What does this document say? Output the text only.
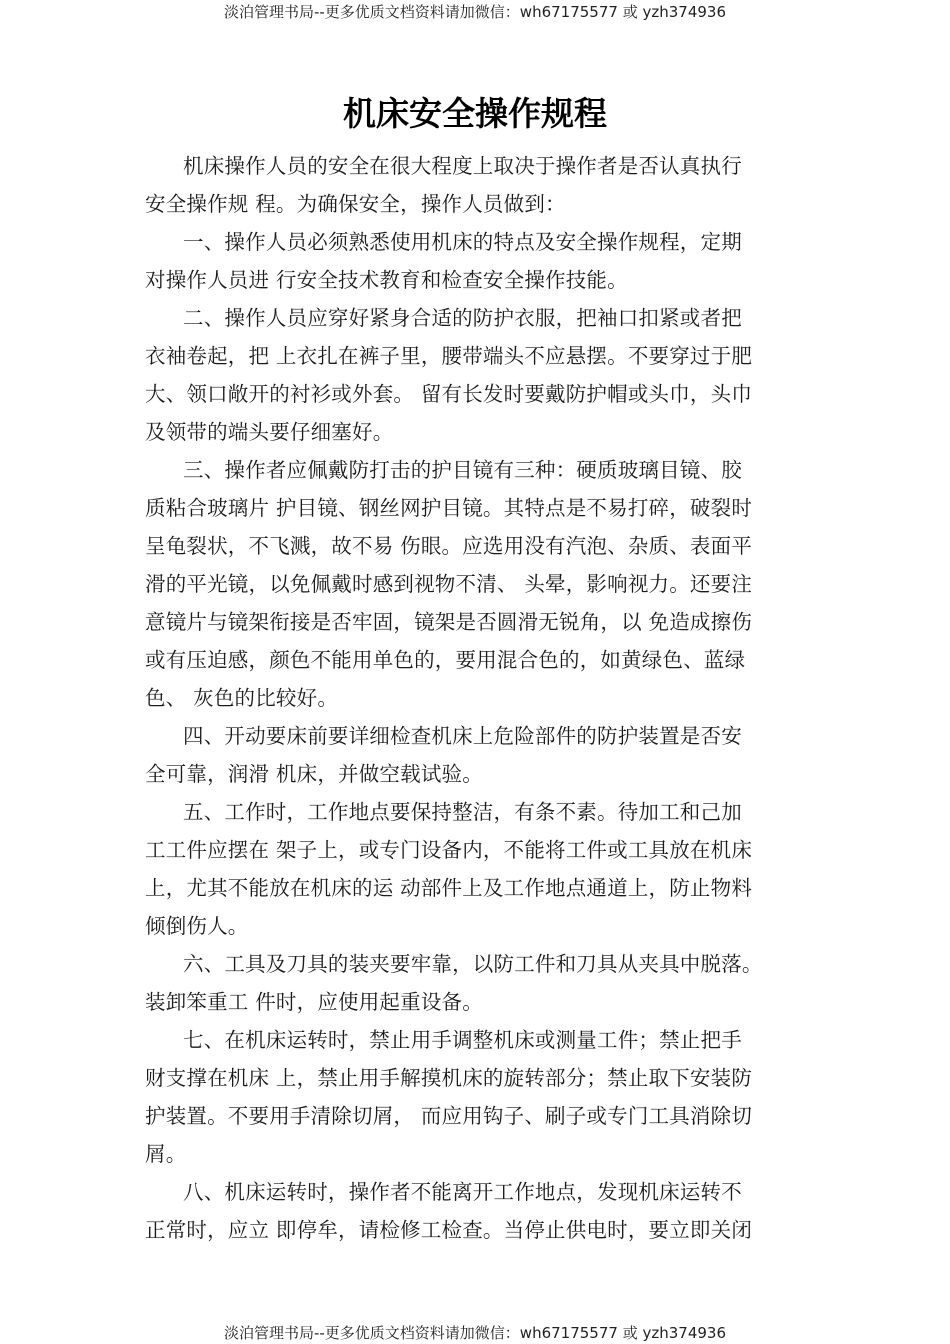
淡泊管理书局--更多优质文档资料请加微信：wh67175577 或 yzh374936
机床安全操作规程
机床操作人员的安全在很大程度上取决于操作者是否认真执行
安全操作规 程。为确保安全，操作人员做到：
一、操作人员必须熟悉使用机床的特点及安全操作规程，定期
对操作人员进 行安全技术教育和检查安全操作技能。
二、操作人员应穿好紧身合适的防护衣服，把袖口扣紧或者把
衣袖卷起，把 上衣扎在裤子里，腰带端头不应悬摆。不要穿过于肥
大、领口敞开的衬衫或外套。 留有长发时要戴防护帽或头巾，头巾
及领带的端头要仔细塞好。
三、操作者应佩戴防打击的护目镜有三种：硬质玻璃目镜、胶
质粘合玻璃片 护目镜、钢丝网护目镜。其特点是不易打碎，破裂时
呈龟裂状，不飞溅，故不易 伤眼。应选用没有汽泡、杂质、表面平
滑的平光镜，以免佩戴时感到视物不清、 头晕，影响视力。还要注
意镜片与镜架衔接是否牢固，镜架是否圆滑无锐角，以 免造成擦伤
或有压迫感，颜色不能用单色的，要用混合色的，如黄绿色、蓝绿
色、 灰色的比较好。
四、开动要床前要详细检查机床上危险部件的防护装置是否安
全可靠，润滑 机床，并做空载试验。
五、工作时，工作地点要保持整洁，有条不素。待加工和己加
工工件应摆在 架子上，或专门设备内，不能将工件或工具放在机床
上，尤其不能放在机床的运 动部件上及工作地点通道上，防止物料
倾倒伤人。
六、工具及刀具的装夹要牢靠，以防工件和刀具从夹具中脱落。
装卸笨重工 件时，应使用起重设备。
七、在机床运转时，禁止用手调整机床或测量工件；禁止把手
财支撑在机床 上，禁止用手解摸机床的旋转部分；禁止取下安装防
护装置。不要用手清除切屑， 而应用钩子、刷子或专门工具消除切
屑。
八、机床运转时，操作者不能离开工作地点，发现机床运转不
正常时，应立 即停牟，请检修工检查。当停止供电时，要立即关闭
淡泊管理书局--更多优质文档资料请加微信：wh67175577 或 yzh374936
